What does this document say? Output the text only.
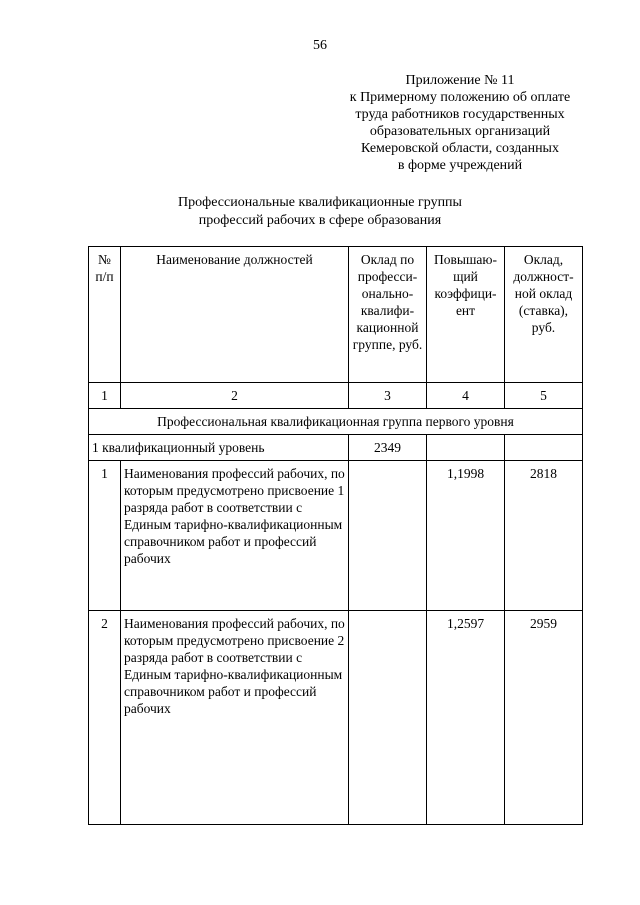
56
Приложение № 11
к Примерному положению об оплате
труда работников государственных
образовательных организаций
Кемеровской области, созданных
в форме учреждений
Профессиональные квалификационные группы
профессий рабочих в сфере образования
№ п/п	Наименование должностей	Оклад по професси-онально-квалифи-кационной группе, руб.	Повышаю-щий коэффици-ент	Оклад, должност-ной оклад (ставка), руб.
1	2	3	4	5
Профессиональная квалификационная группа первого уровня				
1 квалификационный уровень		2349		
1	Наименования профессий рабочих, по которым предусмотрено присвоение 1 разряда работ в соответствии с Единым тарифно-квалификационным справочником работ и профессий рабочих		1,1998	2818
2	Наименования профессий рабочих, по которым предусмотрено присвоение 2 разряда работ в соответствии с Единым тарифно-квалификационным справочником работ и профессий рабочих		1,2597	2959
